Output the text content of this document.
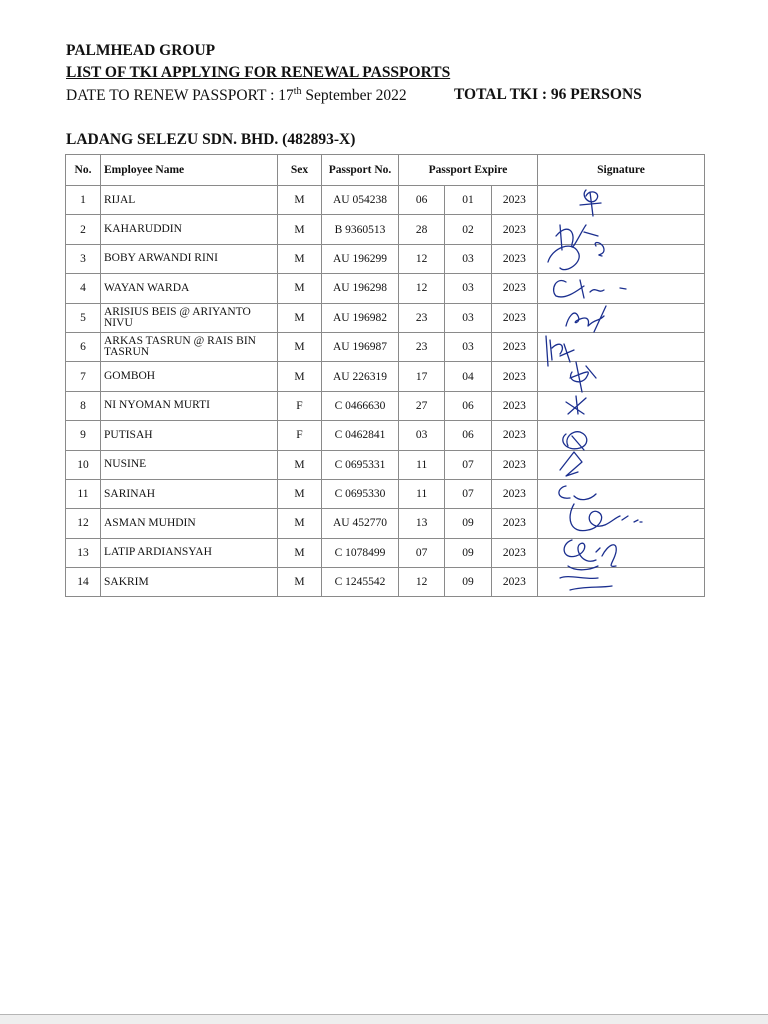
PALMHEAD GROUP
LIST OF TKI APPLYING FOR RENEWAL PASSPORTS
DATE TO RENEW PASSPORT : 17th September 2022	TOTAL TKI : 96 PERSONS
LADANG SELEZU SDN. BHD. (482893-X)
No.	Employee Name	Sex	Passport No.	Passport Expire			Signature
1	RIJAL	M	AU 054238	06	01	2023	
2	KAHARUDDIN	M	B 9360513	28	02	2023	
3	BOBY ARWANDI RINI	M	AU 196299	12	03	2023	
4	WAYAN WARDA	M	AU 196298	12	03	2023	
5	ARISIUS BEIS @ ARIYANTO NIVU	M	AU 196982	23	03	2023	
6	ARKAS TASRUN @ RAIS BIN TASRUN	M	AU 196987	23	03	2023	
7	GOMBOH	M	AU 226319	17	04	2023	
8	NI NYOMAN MURTI	F	C 0466630	27	06	2023	
9	PUTISAH	F	C 0462841	03	06	2023	
10	NUSINE	M	C 0695331	11	07	2023	
11	SARINAH	M	C 0695330	11	07	2023	
12	ASMAN MUHDIN	M	AU 452770	13	09	2023	
13	LATIP ARDIANSYAH	M	C 1078499	07	09	2023	
14	SAKRIM	M	C 1245542	12	09	2023	
